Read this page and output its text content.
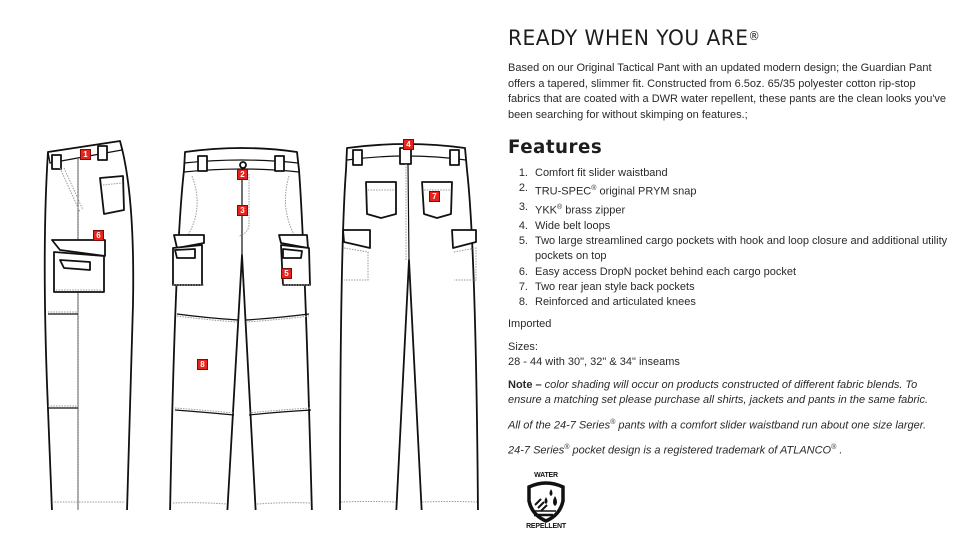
1
2
3
4
5
6
7
8
READY WHEN YOU ARE®

Based on our Original Tactical Pant with an updated modern design; the Guardian Pant offers a tapered, slimmer fit. Constructed from 6.5oz. 65/35 polyester cotton rip-stop fabrics that are coated with a DWR water repellent, these pants are the clean looks you've been searching for without skimping on features.;

Features
1. Comfort fit slider waistband
2. TRU-SPEC® original PRYM snap
3. YKK® brass zipper
4. Wide belt loops
5. Two large streamlined cargo pockets with hook and loop closure and additional utility pockets on top
6. Easy access DropN pocket behind each cargo pocket
7. Two rear jean style back pockets
8. Reinforced and articulated knees

Imported

Sizes:
28 - 44 with 30", 32" & 34" inseams

Note – color shading will occur on products constructed of different fabric blends. To ensure a matching set please purchase all shirts, jackets and pants in the same fabric.

All of the 24-7 Series® pants with a comfort slider waistband run about one size larger.

24-7 Series® pocket design is a registered trademark of ATLANCO® .

WATER
REPELLENT
